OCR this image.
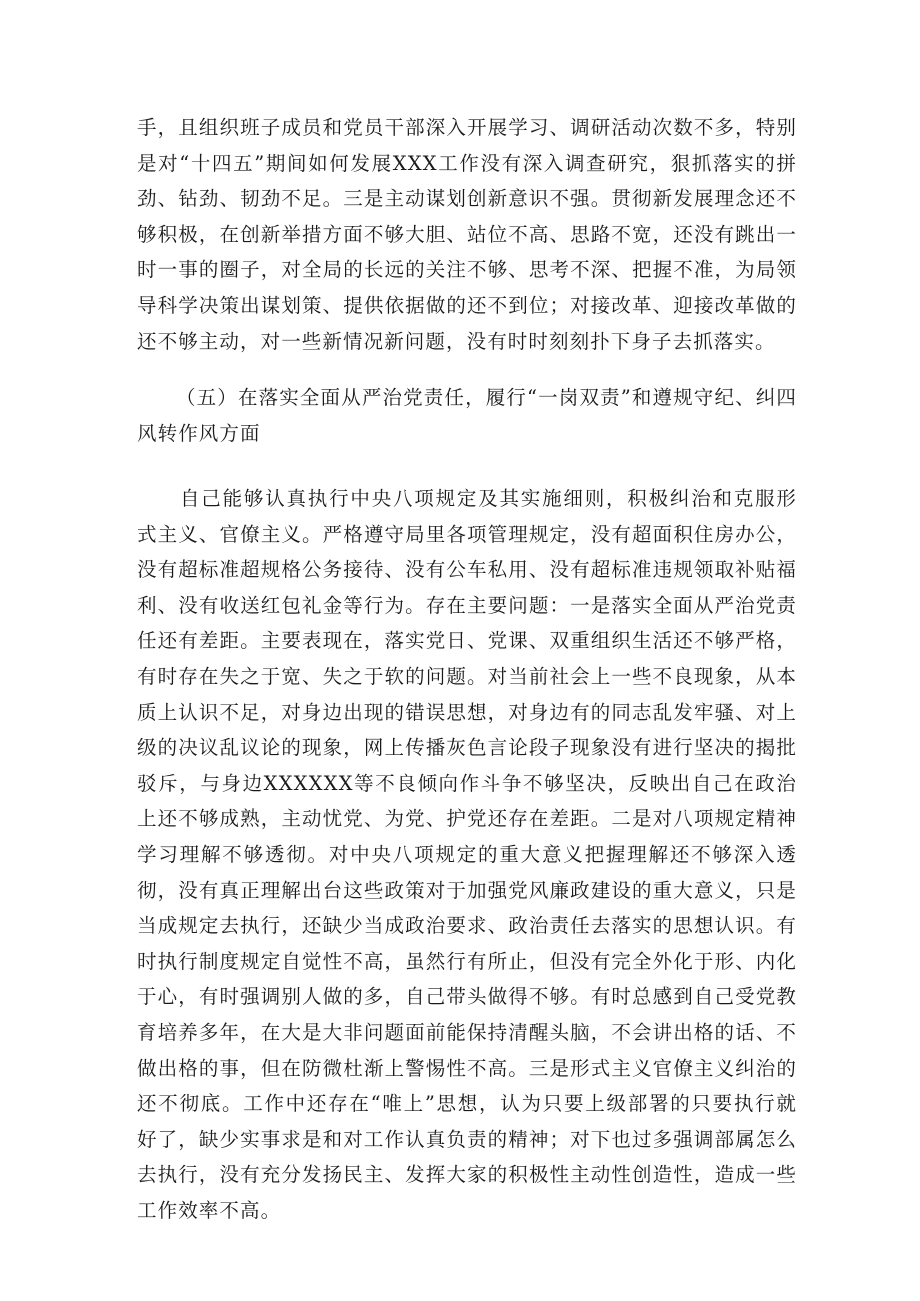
手，且组织班子成员和党员干部深入开展学习、调研活动次数不多，特别是对“十四五”期间如何发展XXX工作没有深入调查研究，狠抓落实的拼劲、钻劲、韧劲不足。三是主动谋划创新意识不强。贯彻新发展理念还不够积极，在创新举措方面不够大胆、站位不高、思路不宽，还没有跳出一时一事的圈子，对全局的长远的关注不够、思考不深、把握不准，为局领导科学决策出谋划策、提供依据做的还不到位；对接改革、迎接改革做的还不够主动，对一些新情况新问题，没有时时刻刻扑下身子去抓落实。

（五）在落实全面从严治党责任，履行“一岗双责”和遵规守纪、纠四风转作风方面

自己能够认真执行中央八项规定及其实施细则，积极纠治和克服形式主义、官僚主义。严格遵守局里各项管理规定，没有超面积住房办公，没有超标准超规格公务接待、没有公车私用、没有超标准违规领取补贴福利、没有收送红包礼金等行为。存在主要问题：一是落实全面从严治党责任还有差距。主要表现在，落实党日、党课、双重组织生活还不够严格，有时存在失之于宽、失之于软的问题。对当前社会上一些不良现象，从本质上认识不足，对身边出现的错误思想，对身边有的同志乱发牢骚、对上级的决议乱议论的现象，网上传播灰色言论段子现象没有进行坚决的揭批驳斥，与身边XXXXXX等不良倾向作斗争不够坚决，反映出自己在政治上还不够成熟，主动忧党、为党、护党还存在差距。二是对八项规定精神学习理解不够透彻。对中央八项规定的重大意义把握理解还不够深入透彻，没有真正理解出台这些政策对于加强党风廉政建设的重大意义，只是当成规定去执行，还缺少当成政治要求、政治责任去落实的思想认识。有时执行制度规定自觉性不高，虽然行有所止，但没有完全外化于形、内化于心，有时强调别人做的多，自己带头做得不够。有时总感到自己受党教育培养多年，在大是大非问题面前能保持清醒头脑，不会讲出格的话、不做出格的事，但在防微杜渐上警惕性不高。三是形式主义官僚主义纠治的还不彻底。工作中还存在“唯上”思想，认为只要上级部署的只要执行就好了，缺少实事求是和对工作认真负责的精神；对下也过多强调部属怎么去执行，没有充分发扬民主、发挥大家的积极性主动性创造性，造成一些工作效率不高。
